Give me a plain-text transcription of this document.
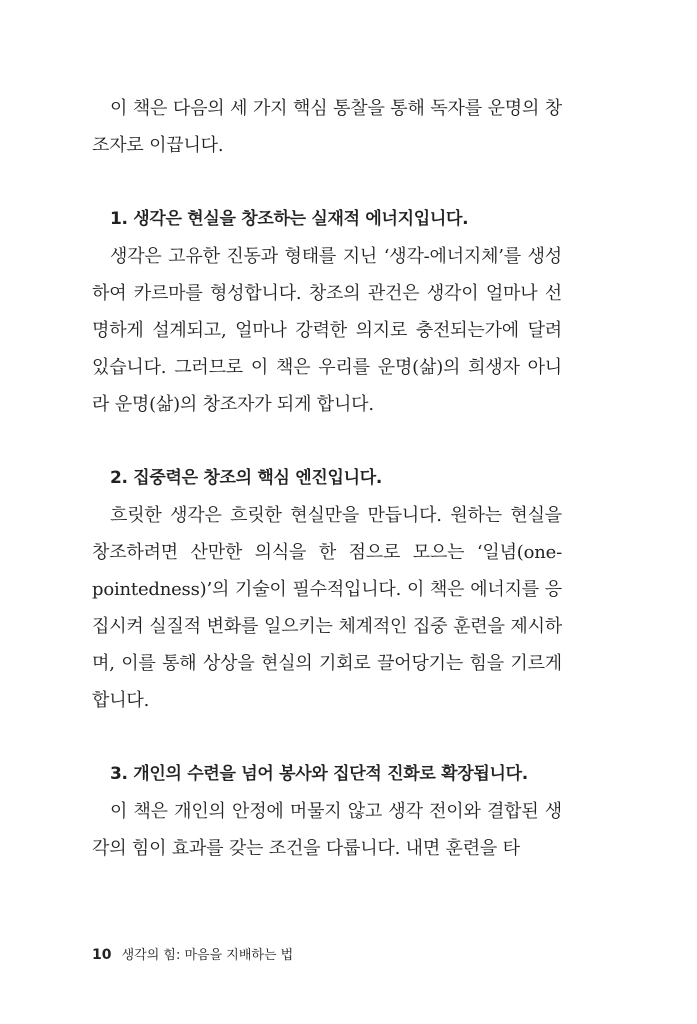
이 책은 다음의 세 가지 핵심 통찰을 통해 독자를 운명의 창조자로 이끕니다.

1. 생각은 현실을 창조하는 실재적 에너지입니다.

생각은 고유한 진동과 형태를 지닌 ‘생각-에너지체’를 생성하여 카르마를 형성합니다. 창조의 관건은 생각이 얼마나 선명하게 설계되고, 얼마나 강력한 의지로 충전되는가에 달려 있습니다. 그러므로 이 책은 우리를 운명(삶)의 희생자 아니라 운명(삶)의 창조자가 되게 합니다.

2. 집중력은 창조의 핵심 엔진입니다.

흐릿한 생각은 흐릿한 현실만을 만듭니다. 원하는 현실을 창조하려면 산만한 의식을 한 점으로 모으는 ‘일념(one-pointedness)’의 기술이 필수적입니다. 이 책은 에너지를 응집시켜 실질적 변화를 일으키는 체계적인 집중 훈련을 제시하며, 이를 통해 상상을 현실의 기회로 끌어당기는 힘을 기르게 합니다.

3. 개인의 수련을 넘어 봉사와 집단적 진화로 확장됩니다.

이 책은 개인의 안정에 머물지 않고 생각 전이와 결합된 생각의 힘이 효과를 갖는 조건을 다룹니다. 내면 훈련을 타

10 생각의 힘: 마음을 지배하는 법
